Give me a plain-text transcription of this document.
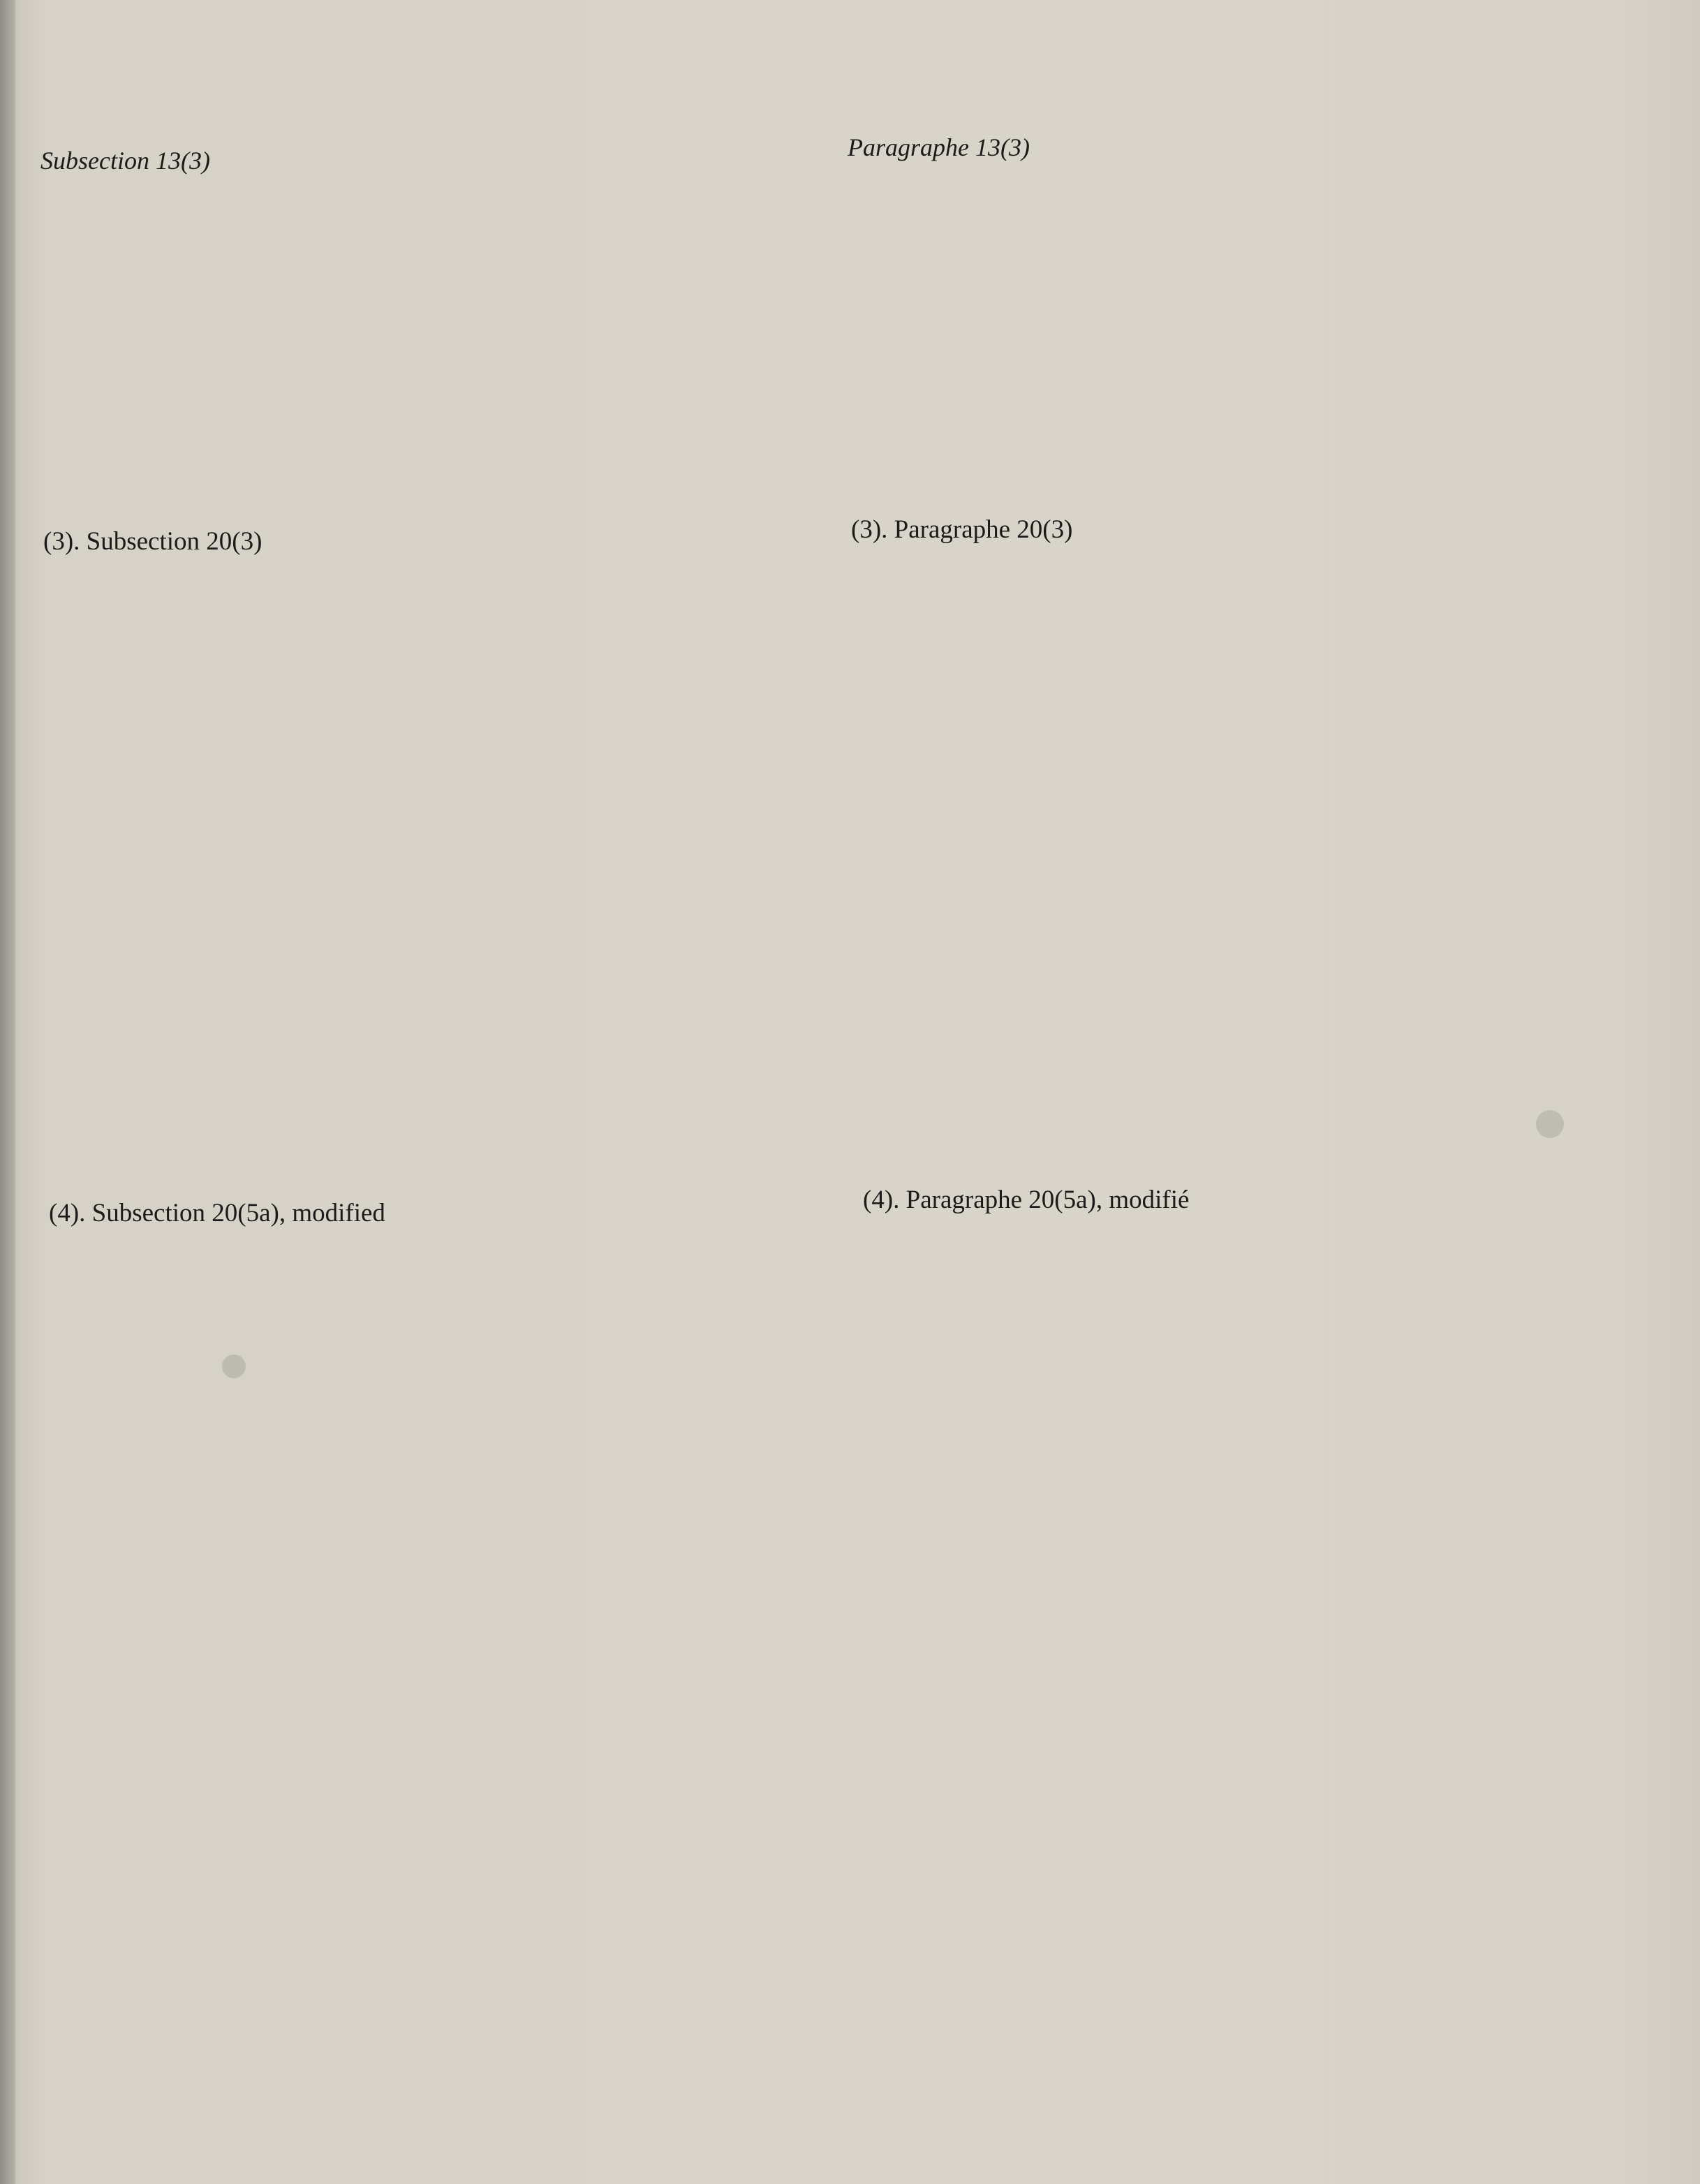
Subsection 13(3)	Paragraphe 13(3)
(3). Subsection 20(3)	(3). Paragraphe 20(3)
(4). Subsection 20(5a), modified	(4). Paragraphe 20(5a), modifié
